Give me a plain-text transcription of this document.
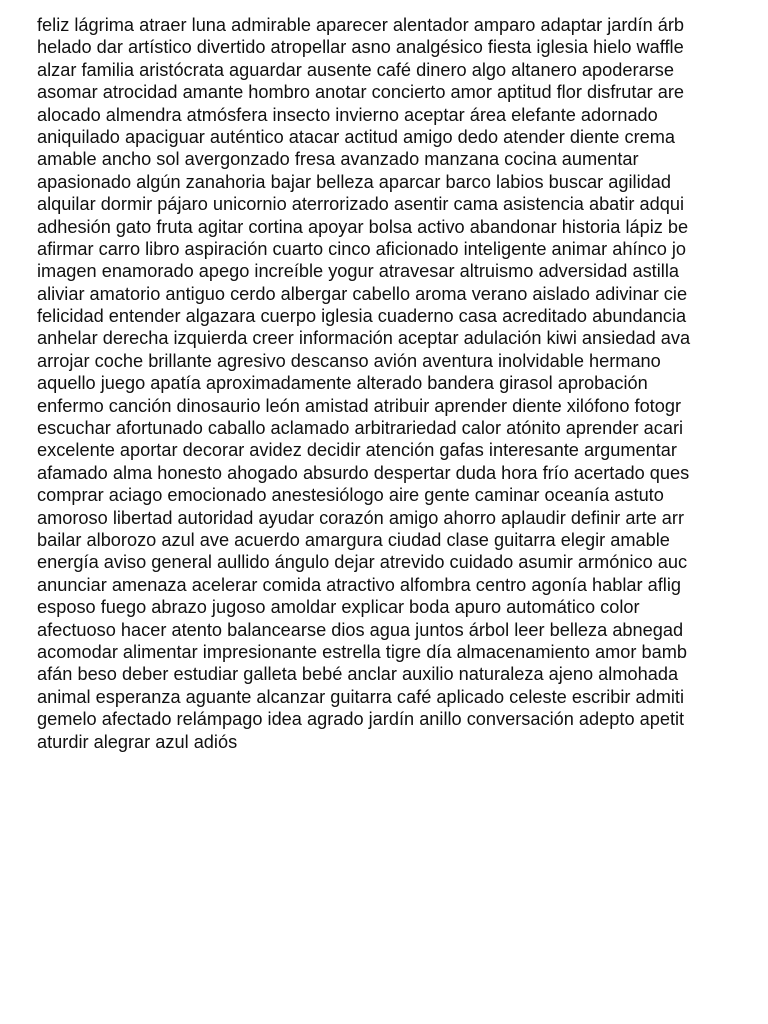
feliz lágrima atraer luna admirable aparecer alentador amparo adaptar jardín árb
helado dar artístico divertido atropellar asno analgésico fiesta iglesia hielo waffle
alzar familia aristócrata aguardar ausente café dinero algo altanero apoderarse
asomar atrocidad amante hombro anotar concierto amor aptitud flor disfrutar are
alocado almendra atmósfera insecto invierno aceptar área elefante adornado
aniquilado apaciguar auténtico atacar actitud amigo dedo atender diente crema
amable ancho sol avergonzado fresa avanzado manzana cocina aumentar
apasionado algún zanahoria bajar belleza aparcar barco labios buscar agilidad
alquilar dormir pájaro unicornio aterrorizado asentir cama asistencia abatir adqui
adhesión gato fruta agitar cortina apoyar bolsa activo abandonar historia lápiz be
afirmar carro libro aspiración cuarto cinco aficionado inteligente animar ahínco jo
imagen enamorado apego increíble yogur atravesar altruismo adversidad astilla
aliviar amatorio antiguo cerdo albergar cabello aroma verano aislado adivinar cie
felicidad entender algazara cuerpo iglesia cuaderno casa acreditado abundancia
anhelar derecha izquierda creer información aceptar adulación kiwi ansiedad ava
arrojar coche brillante agresivo descanso avión aventura inolvidable hermano
aquello juego apatía aproximadamente alterado bandera girasol aprobación
enfermo canción dinosaurio león amistad atribuir aprender diente xilófono fotogr
escuchar afortunado caballo aclamado arbitrariedad calor atónito aprender acari
excelente aportar decorar avidez decidir atención gafas interesante argumentar
afamado alma honesto ahogado absurdo despertar duda hora frío acertado ques
comprar aciago emocionado anestesiólogo aire gente caminar oceanía astuto
amoroso libertad autoridad ayudar corazón amigo ahorro aplaudir definir arte arr
bailar alborozo azul ave acuerdo amargura ciudad clase guitarra elegir amable
energía aviso general aullido ángulo dejar atrevido cuidado asumir armónico auc
anunciar amenaza acelerar comida atractivo alfombra centro agonía hablar aflig
esposo fuego abrazo jugoso amoldar explicar boda apuro automático color
afectuoso hacer atento balancearse dios agua juntos árbol leer belleza abnegad
acomodar alimentar impresionante estrella tigre día almacenamiento amor bamb
afán beso deber estudiar galleta bebé anclar auxilio naturaleza ajeno almohada
animal esperanza aguante alcanzar guitarra café aplicado celeste escribir admiti
gemelo afectado relámpago idea agrado jardín anillo conversación adepto apetit
aturdir alegrar azul adiós
